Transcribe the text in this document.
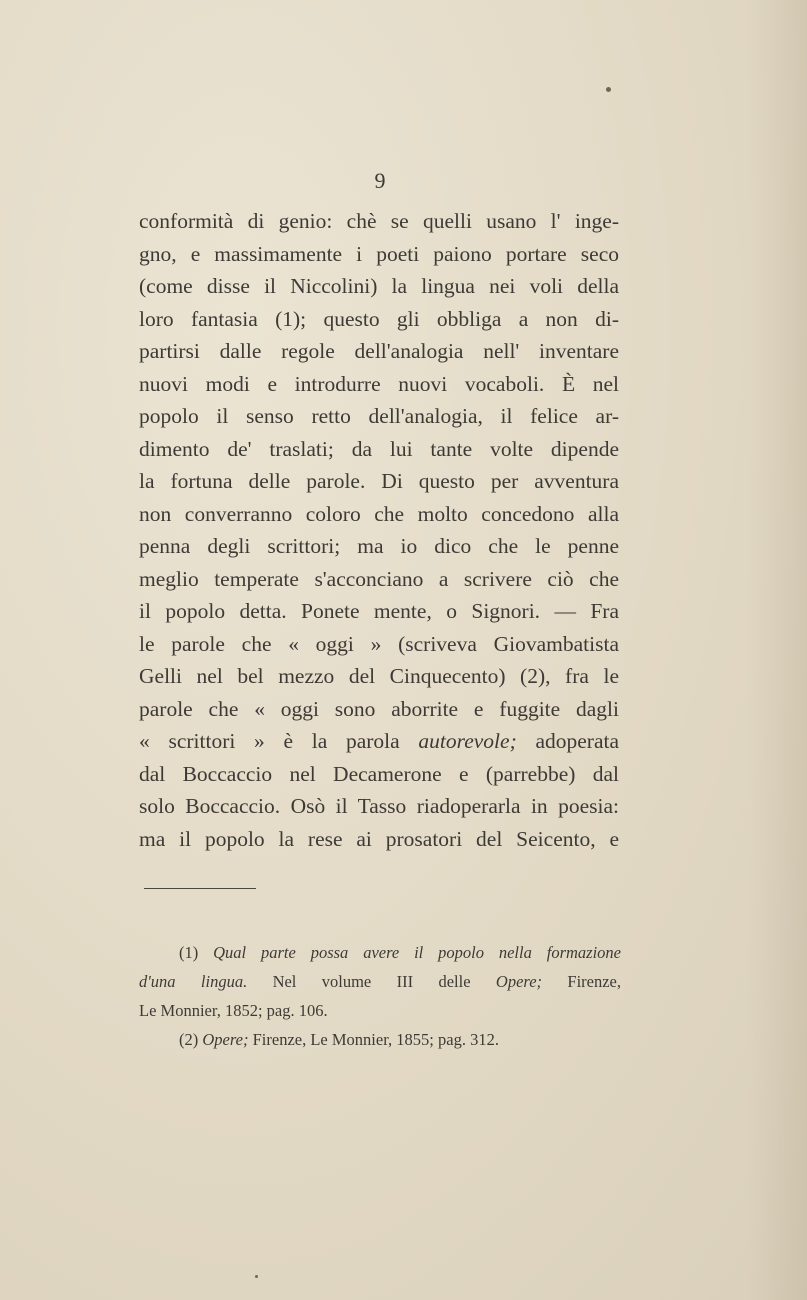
9
conformità di genio: chè se quelli usano l' inge-
gno, e massimamente i poeti paiono portare seco
(come disse il Niccolini) la lingua nei voli della
loro fantasia (1); questo gli obbliga a non di-
partirsi dalle regole dell'analogia nell' inventare
nuovi modi e introdurre nuovi vocaboli. È nel
popolo il senso retto dell'analogia, il felice ar-
dimento de' traslati; da lui tante volte dipende
la fortuna delle parole. Di questo per avventura
non converranno coloro che molto concedono alla
penna degli scrittori; ma io dico che le penne
meglio temperate s'acconciano a scrivere ciò che
il popolo detta. Ponete mente, o Signori. — Fra
le parole che « oggi » (scriveva Giovambatista
Gelli nel bel mezzo del Cinquecento) (2), fra le
parole che « oggi sono aborrite e fuggite dagli
« scrittori » è la parola autorevole; adoperata
dal Boccaccio nel Decamerone e (parrebbe) dal
solo Boccaccio. Osò il Tasso riadoperarla in poesia:
ma il popolo la rese ai prosatori del Seicento, e
(1) Qual parte possa avere il popolo nella formazione
d'una lingua. Nel volume III delle Opere; Firenze,
Le Monnier, 1852; pag. 106.
(2) Opere; Firenze, Le Monnier, 1855; pag. 312.
